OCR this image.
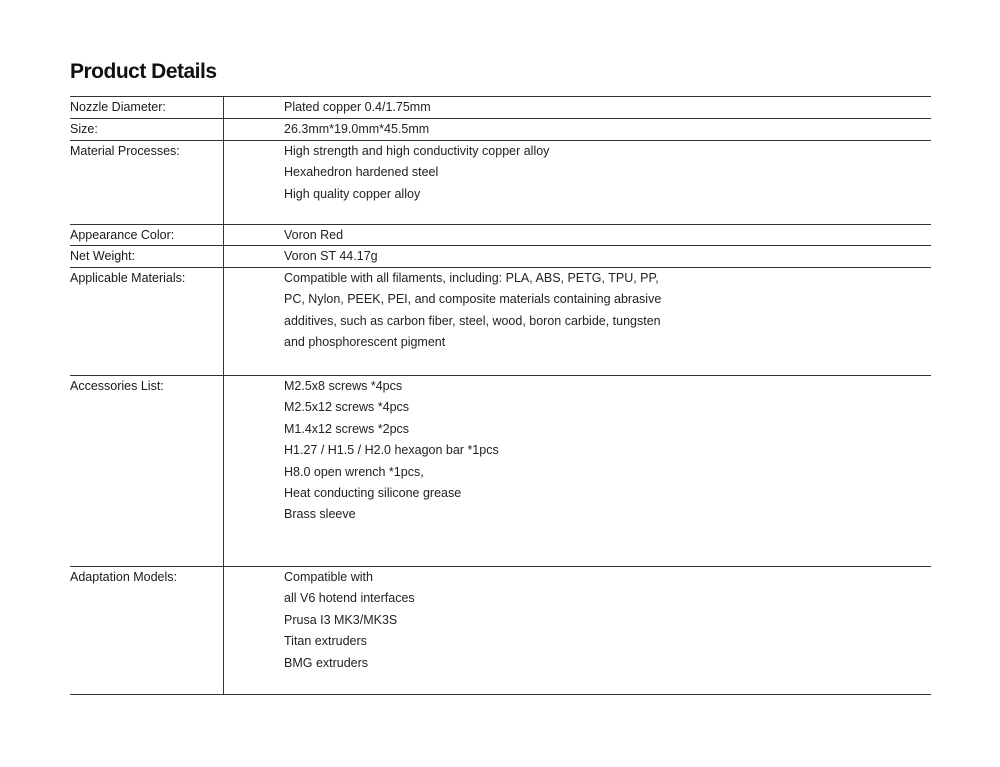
Product Details
Nozzle Diameter:	Plated copper 0.4/1.75mm
Size:	26.3mm*19.0mm*45.5mm
Material Processes:	High strength and high conductivity copper alloy
Hexahedron hardened steel
High quality copper alloy
Appearance Color:	Voron Red
Net Weight:	Voron ST 44.17g
Applicable Materials:	Compatible with all filaments, including: PLA, ABS, PETG, TPU, PP,
PC, Nylon, PEEK, PEI, and composite materials containing abrasive
additives, such as carbon fiber, steel, wood, boron carbide, tungsten
and phosphorescent pigment
Accessories List:	M2.5x8 screws *4pcs
M2.5x12 screws *4pcs
M1.4x12 screws *2pcs
H1.27 / H1.5 / H2.0 hexagon bar *1pcs
H8.0 open wrench *1pcs,
Heat conducting silicone grease
Brass sleeve
Adaptation Models:	Compatible with
all V6 hotend interfaces
Prusa I3 MK3/MK3S
Titan extruders
BMG extruders
